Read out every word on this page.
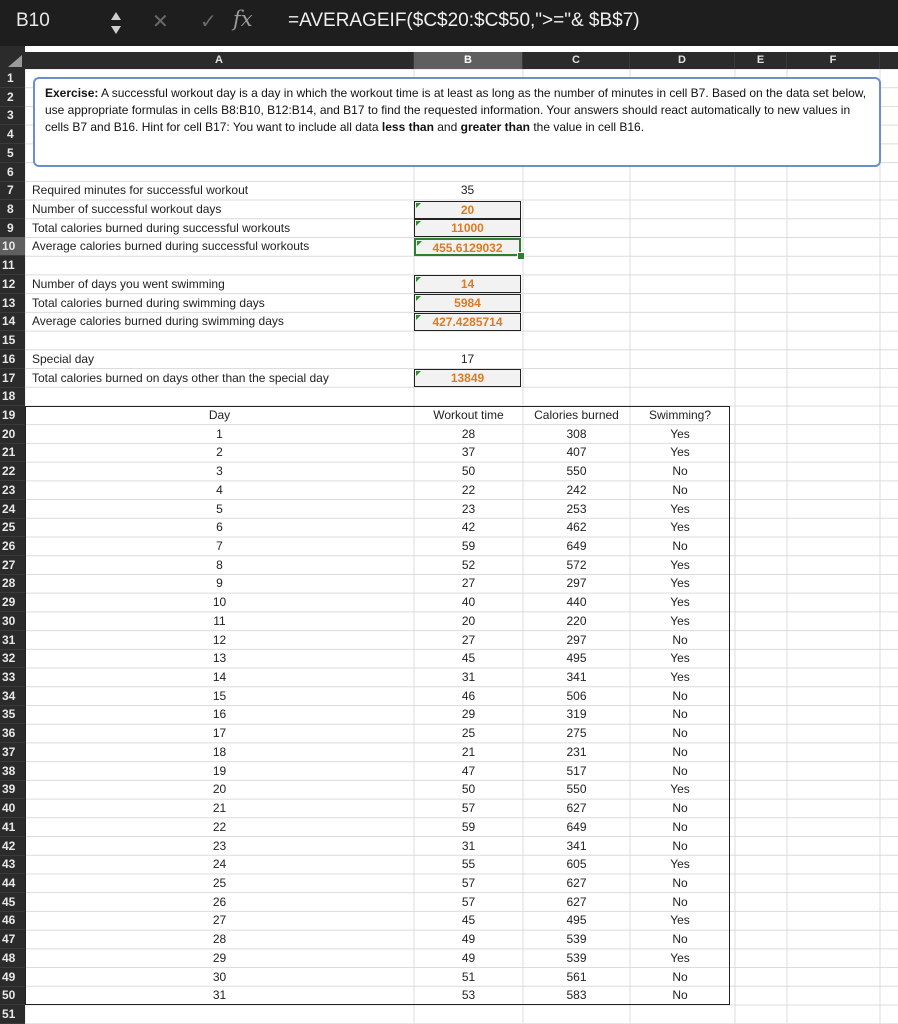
B10	✕ ✓ fx =AVERAGEIF($C$20:$C$50,">="& $B$7)
A	B	C	D	E	F
1
2
3
4
5
6
7
8
9
10
11
12
13
14
15
16
17
18
19
20
21
22
23
24
25
26
27
28
29
30
31
32
33
34
35
36
37
38
39
40
41
42
43
44
45
46
47
48
49
50
51
Exercise: A successful workout day is a day in which the workout time is at least as long as the number of minutes in cell B7. Based on the data set below, use appropriate formulas in cells B8:B10, B12:B14, and B17 to find the requested information. Your answers should react automatically to new values in cells B7 and B16. Hint for cell B17: You want to include all data less than and greater than the value in cell B16.
Required minutes for successful workout	35
Number of successful workout days	20
Total calories burned during successful workouts	11000
Average calories burned during successful workouts	455.6129032
Number of days you went swimming	14
Total calories burned during swimming days	5984
Average calories burned during swimming days	427.4285714
Special day	17
Total calories burned on days other than the special day	13849
Day	Workout time	Calories burned	Swimming?
1	28	308	Yes
2	37	407	Yes
3	50	550	No
4	22	242	No
5	23	253	Yes
6	42	462	Yes
7	59	649	No
8	52	572	Yes
9	27	297	Yes
10	40	440	Yes
11	20	220	Yes
12	27	297	No
13	45	495	Yes
14	31	341	Yes
15	46	506	No
16	29	319	No
17	25	275	No
18	21	231	No
19	47	517	No
20	50	550	Yes
21	57	627	No
22	59	649	No
23	31	341	No
24	55	605	Yes
25	57	627	No
26	57	627	No
27	45	495	Yes
28	49	539	No
29	49	539	Yes
30	51	561	No
31	53	583	No
